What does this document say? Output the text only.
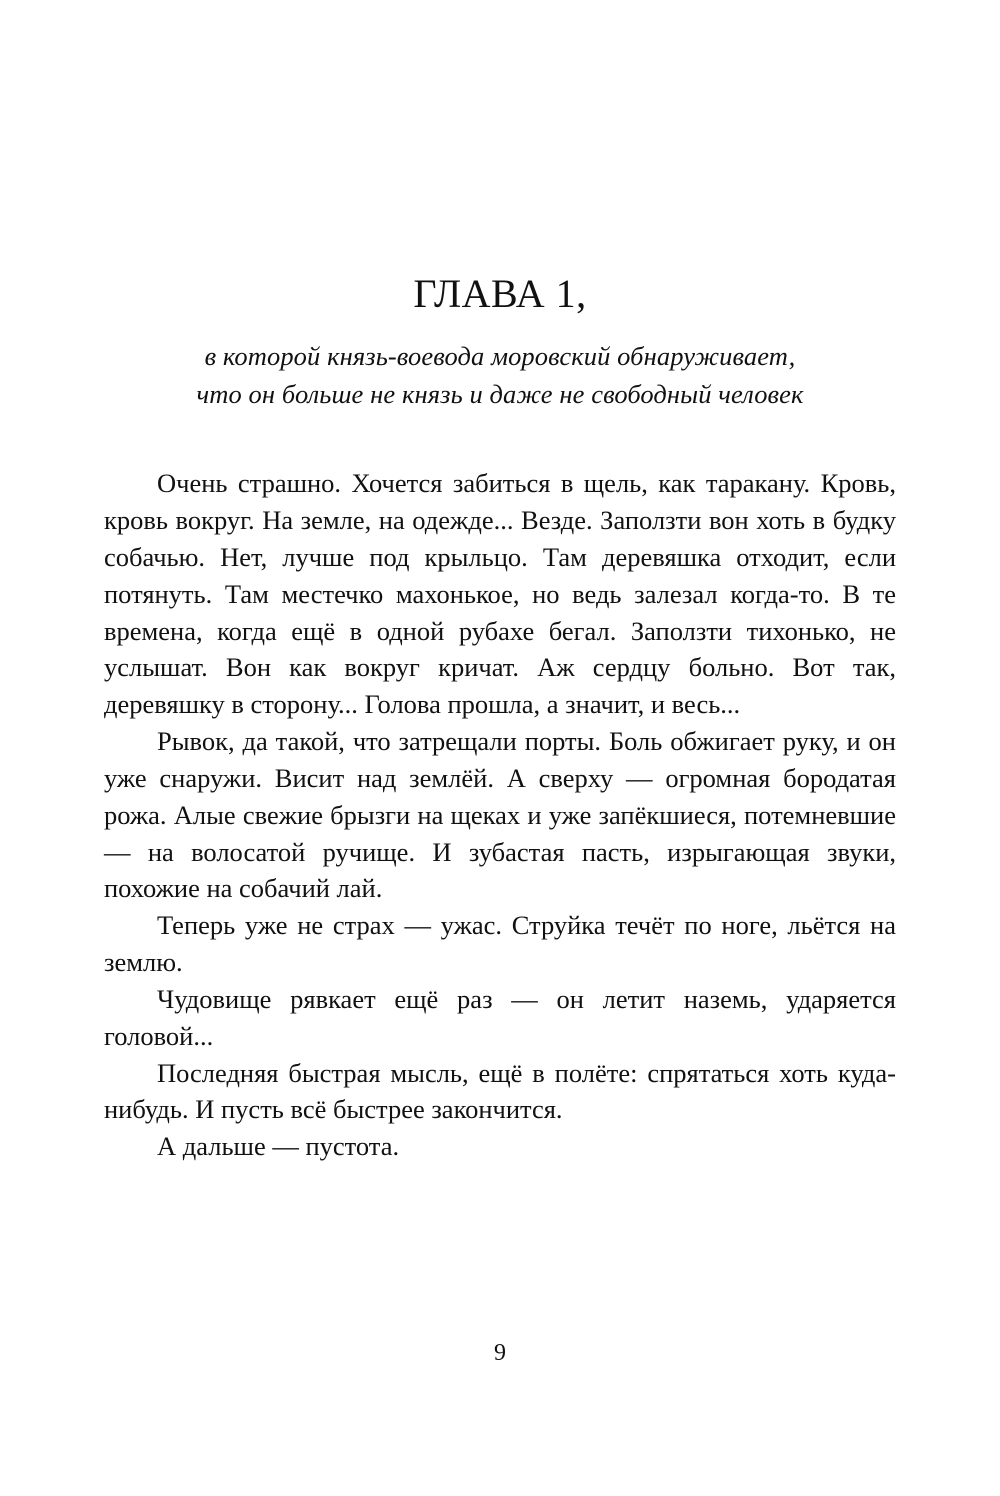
ГЛАВА 1,
в которой князь-воевода моровский обнаруживает, что он больше не князь и даже не свободный человек

Очень страшно. Хочется забиться в щель, как таракану. Кровь, кровь вокруг. На земле, на одежде... Везде. Заползти вон хоть в будку собачью. Нет, лучше под крыльцо. Там деревяшка отходит, если потянуть. Там местечко махонькое, но ведь залезал когда-то. В те времена, когда ещё в одной рубахе бегал. Заползти тихонько, не услышат. Вон как вокруг кричат. Аж сердцу больно. Вот так, деревяшку в сторону... Голова прошла, а значит, и весь...

Рывок, да такой, что затрещали порты. Боль обжигает руку, и он уже снаружи. Висит над землёй. А сверху — огромная бородатая рожа. Алые свежие брызги на щеках и уже запёкшиеся, потемневшие — на волосатой ручище. И зубастая пасть, изрыгающая звуки, похожие на собачий лай.

Теперь уже не страх — ужас. Струйка течёт по ноге, льётся на землю.

Чудовище рявкает ещё раз — он летит наземь, ударяется головой...

Последняя быстрая мысль, ещё в полёте: спрятаться хоть куда-нибудь. И пусть всё быстрее закончится.

А дальше — пустота.

9
